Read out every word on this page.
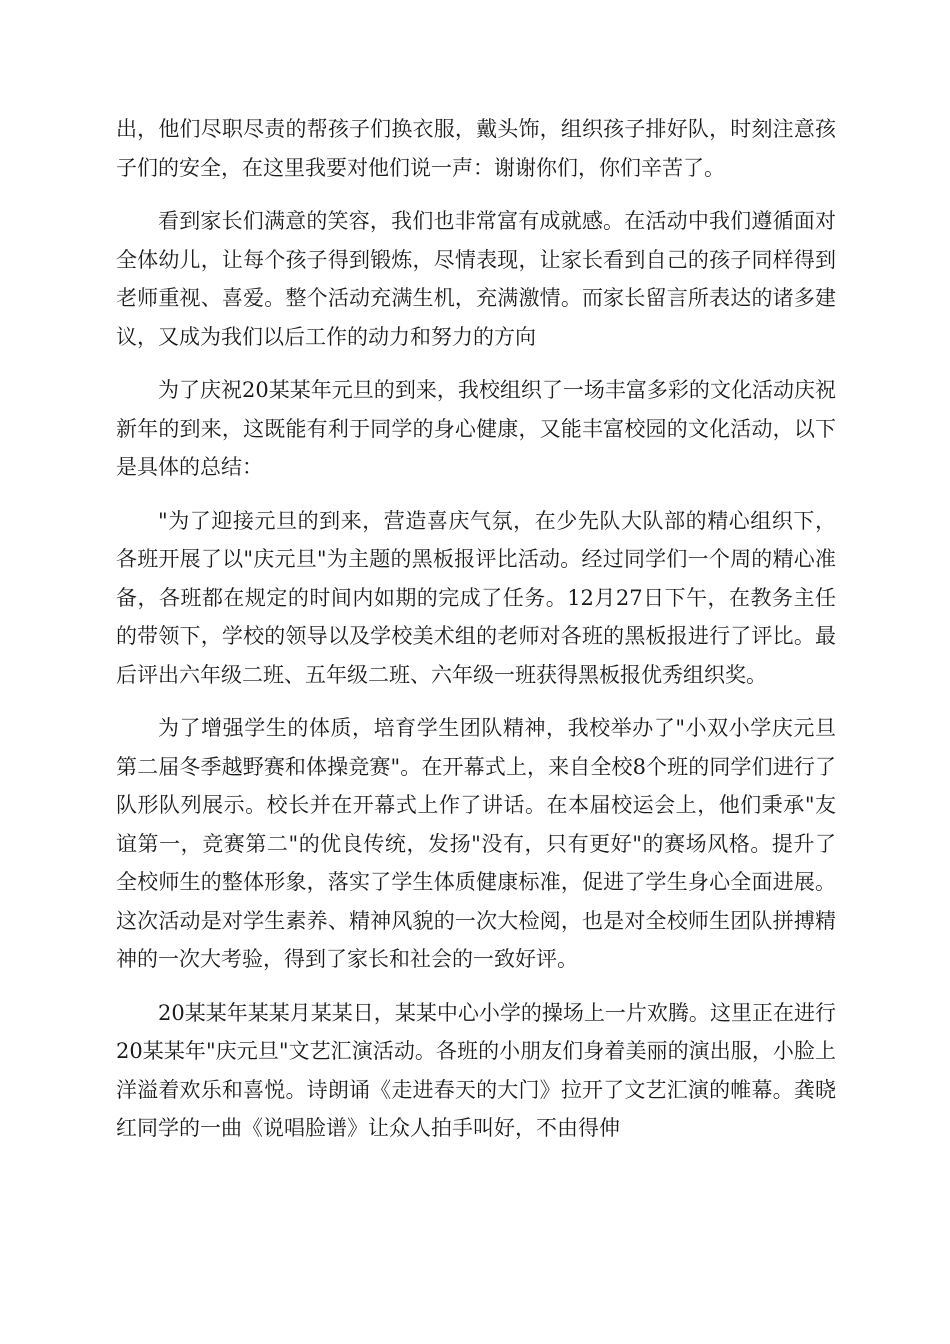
出，他们尽职尽责的帮孩子们换衣服，戴头饰，组织孩子排好队，时刻注意孩子们的安全，在这里我要对他们说一声：谢谢你们，你们辛苦了。

看到家长们满意的笑容，我们也非常富有成就感。在活动中我们遵循面对全体幼儿，让每个孩子得到锻炼，尽情表现，让家长看到自己的孩子同样得到老师重视、喜爱。整个活动充满生机，充满激情。而家长留言所表达的诸多建议，又成为我们以后工作的动力和努力的方向

为了庆祝20某某年元旦的到来，我校组织了一场丰富多彩的文化活动庆祝新年的到来，这既能有利于同学的身心健康，又能丰富校园的文化活动，以下是具体的总结：

"为了迎接元旦的到来，营造喜庆气氛，在少先队大队部的精心组织下，各班开展了以"庆元旦"为主题的黑板报评比活动。经过同学们一个周的精心准备，各班都在规定的时间内如期的完成了任务。12月27日下午，在教务主任的带领下，学校的领导以及学校美术组的老师对各班的黑板报进行了评比。最后评出六年级二班、五年级二班、六年级一班获得黑板报优秀组织奖。

为了增强学生的体质，培育学生团队精神，我校举办了"小双小学庆元旦第二届冬季越野赛和体操竞赛"。在开幕式上，来自全校8个班的同学们进行了队形队列展示。校长并在开幕式上作了讲话。在本届校运会上，他们秉承"友谊第一，竞赛第二"的优良传统，发扬"没有，只有更好"的赛场风格。提升了全校师生的整体形象，落实了学生体质健康标准，促进了学生身心全面进展。这次活动是对学生素养、精神风貌的一次大检阅，也是对全校师生团队拼搏精神的一次大考验，得到了家长和社会的一致好评。

20某某年某某月某某日，某某中心小学的操场上一片欢腾。这里正在进行20某某年"庆元旦"文艺汇演活动。各班的小朋友们身着美丽的演出服，小脸上洋溢着欢乐和喜悦。诗朗诵《走进春天的大门》拉开了文艺汇演的帷幕。龚晓红同学的一曲《说唱脸谱》让众人拍手叫好，不由得伸
